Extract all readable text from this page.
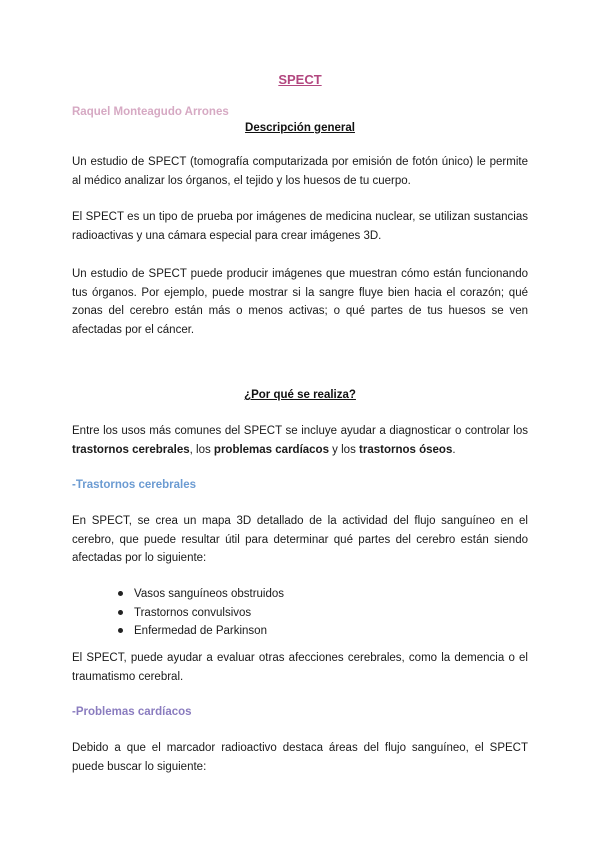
SPECT
Raquel Monteagudo Arrones
Descripción general
Un estudio de SPECT (tomografía computarizada por emisión de fotón único) le permite al médico analizar los órganos, el tejido y los huesos de tu cuerpo.
El SPECT es un tipo de prueba por imágenes de medicina nuclear, se utilizan sustancias radioactivas y una cámara especial para crear imágenes 3D.
Un estudio de SPECT puede producir imágenes que muestran cómo están funcionando tus órganos. Por ejemplo, puede mostrar si la sangre fluye bien hacia el corazón; qué zonas del cerebro están más o menos activas; o qué partes de tus huesos se ven afectadas por el cáncer.
¿Por qué se realiza?
Entre los usos más comunes del SPECT se incluye ayudar a diagnosticar o controlar los trastornos cerebrales, los problemas cardíacos y los trastornos óseos.
-Trastornos cerebrales
En SPECT, se crea un mapa 3D detallado de la actividad del flujo sanguíneo en el cerebro, que puede resultar útil para determinar qué partes del cerebro están siendo afectadas por lo siguiente:
Vasos sanguíneos obstruidos
Trastornos convulsivos
Enfermedad de Parkinson
El SPECT, puede ayudar a evaluar otras afecciones cerebrales, como la demencia o el traumatismo cerebral.
-Problemas cardíacos
Debido a que el marcador radioactivo destaca áreas del flujo sanguíneo, el SPECT puede buscar lo siguiente:
